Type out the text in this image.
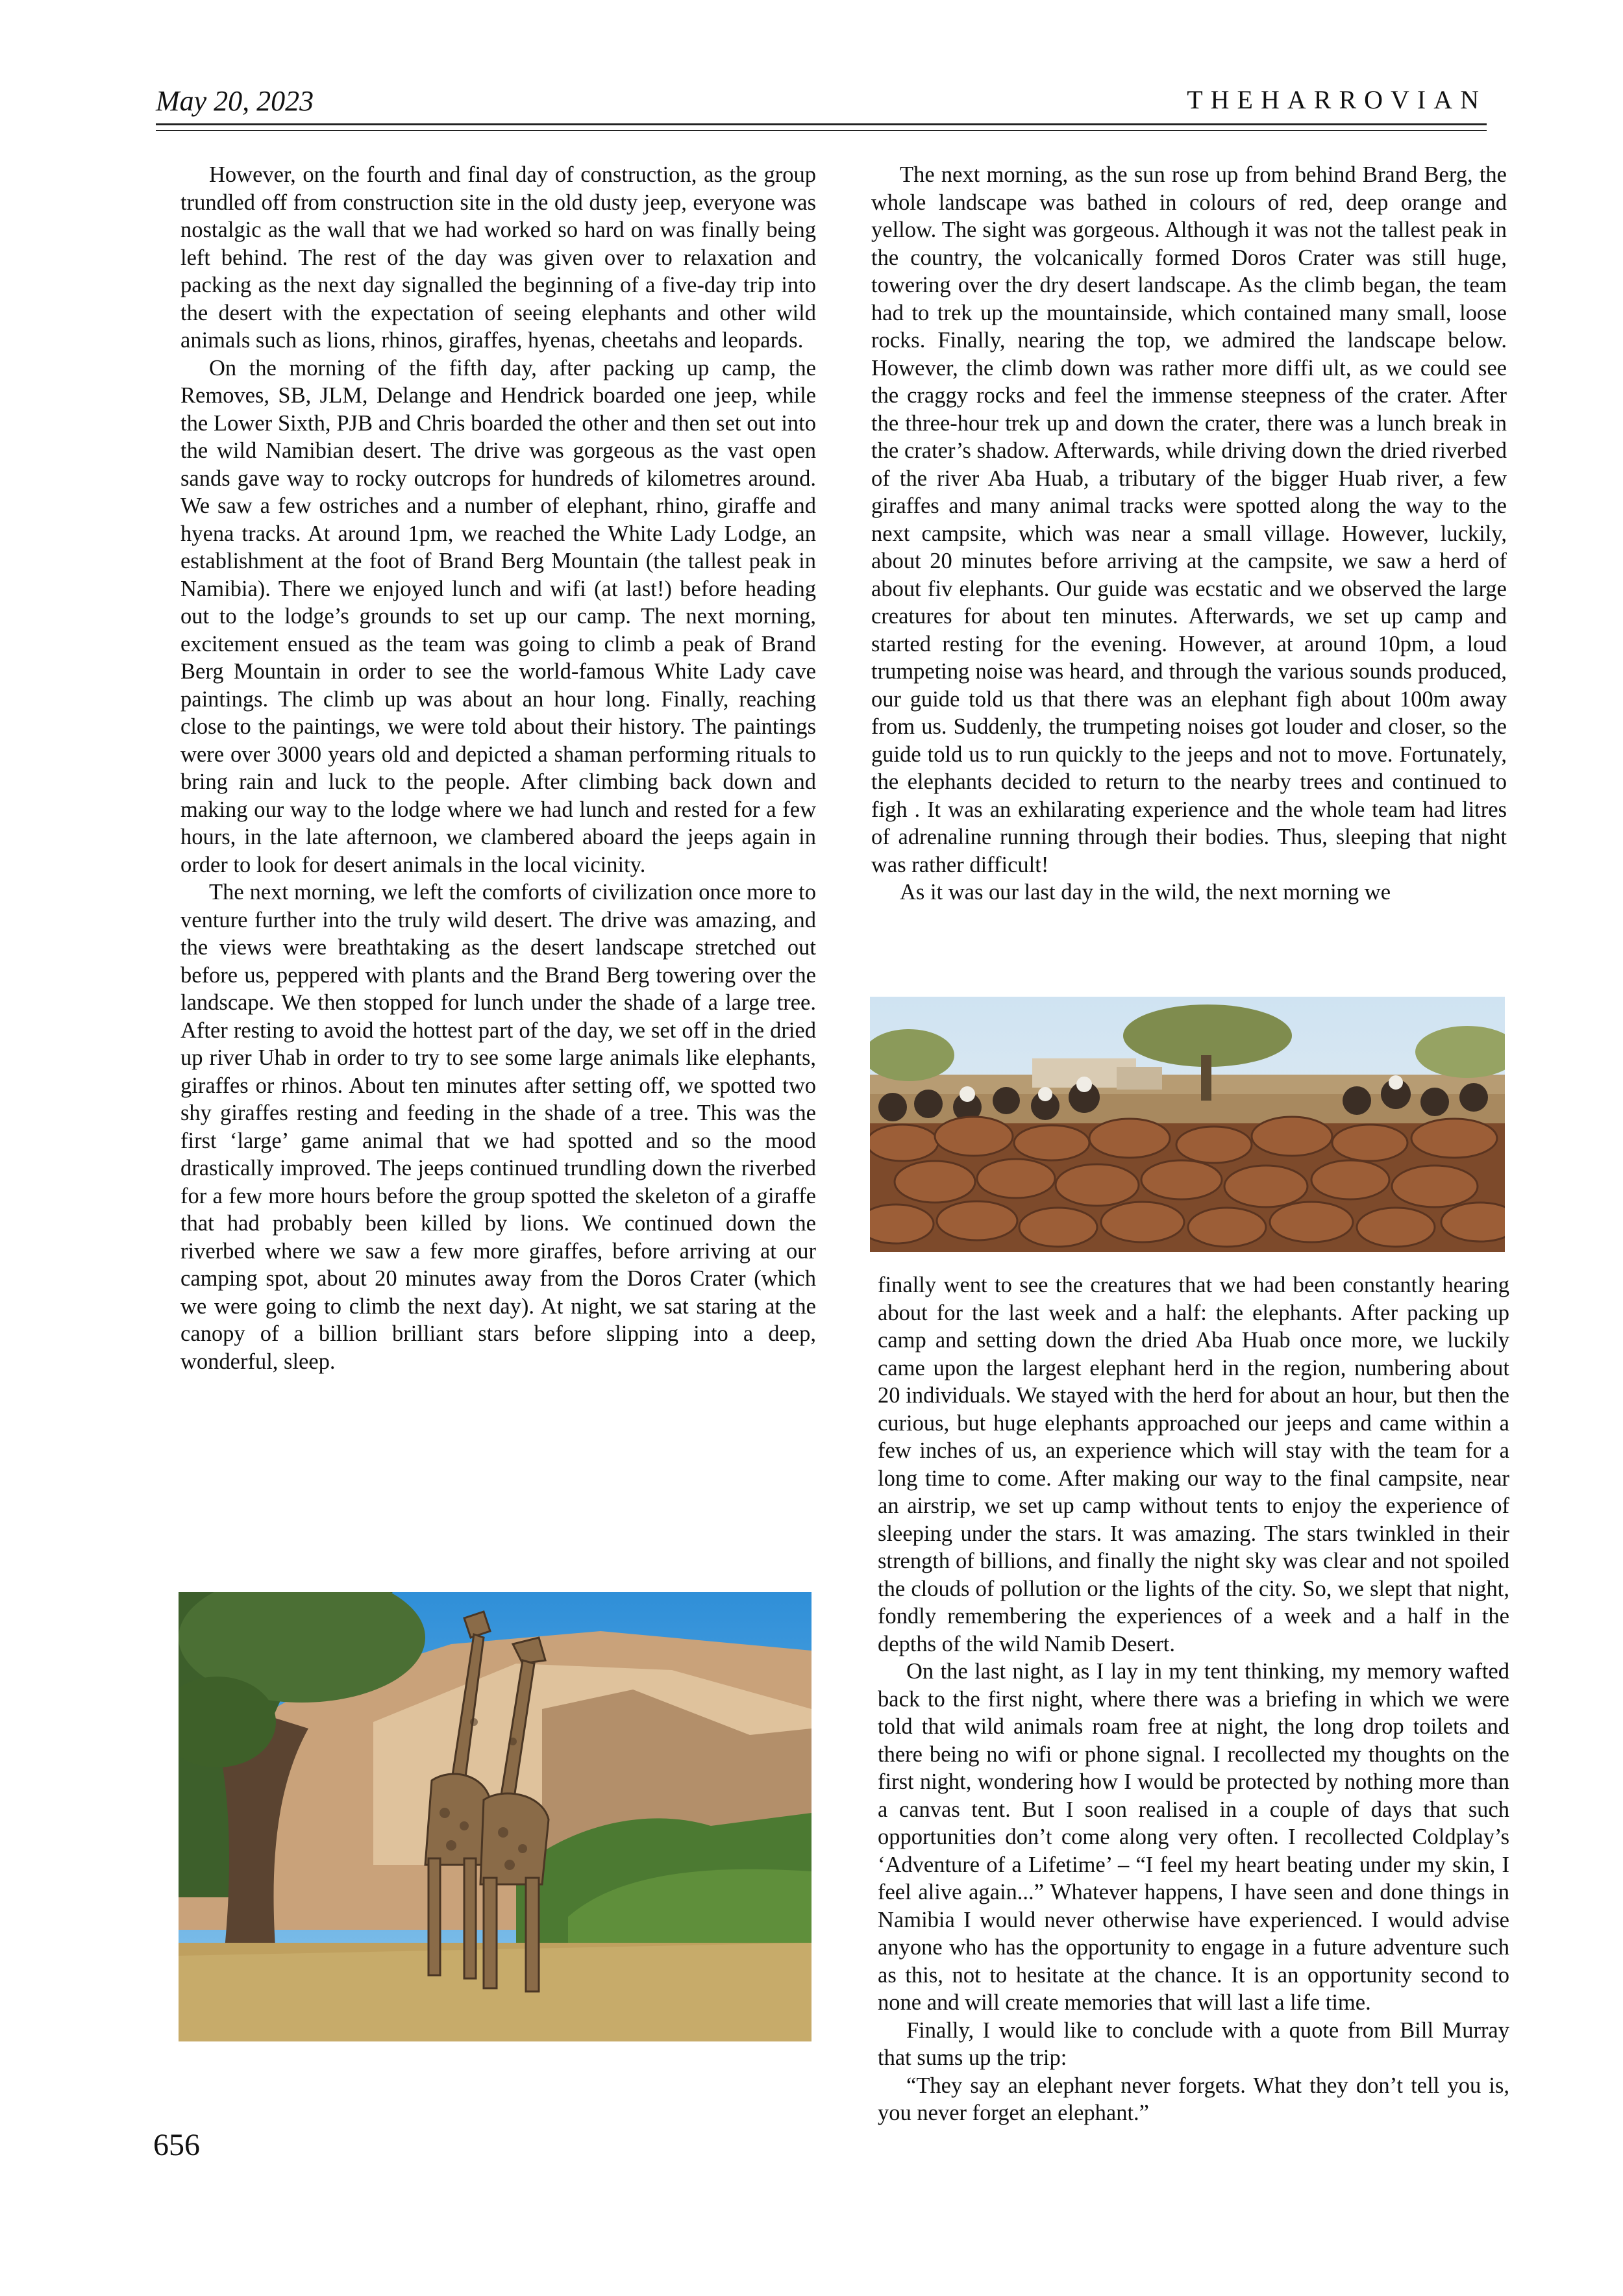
May 20, 2023	THEHARROVIAN

However, on the fourth and final day of construction, as the group trundled off from construction site in the old dusty jeep, everyone was nostalgic as the wall that we had worked so hard on was finally being left behind. The rest of the day was given over to relaxation and packing as the next day signalled the beginning of a five-day trip into the desert with the expectation of seeing elephants and other wild animals such as lions, rhinos, giraffes, hyenas, cheetahs and leopards.

On the morning of the fifth day, after packing up camp, the Removes, SB, JLM, Delange and Hendrick boarded one jeep, while the Lower Sixth, PJB and Chris boarded the other and then set out into the wild Namibian desert. The drive was gorgeous as the vast open sands gave way to rocky outcrops for hundreds of kilometres around. We saw a few ostriches and a number of elephant, rhino, giraffe and hyena tracks. At around 1pm, we reached the White Lady Lodge, an establishment at the foot of Brand Berg Mountain (the tallest peak in Namibia). There we enjoyed lunch and wifi (at last!) before heading out to the lodge’s grounds to set up our camp. The next morning, excitement ensued as the team was going to climb a peak of Brand Berg Mountain in order to see the world-famous White Lady cave paintings. The climb up was about an hour long. Finally, reaching close to the paintings, we were told about their history. The paintings were over 3000 years old and depicted a shaman performing rituals to bring rain and luck to the people. After climbing back down and making our way to the lodge where we had lunch and rested for a few hours, in the late afternoon, we clambered aboard the jeeps again in order to look for desert animals in the local vicinity.

The next morning, we left the comforts of civilization once more to venture further into the truly wild desert. The drive was amazing, and the views were breathtaking as the desert landscape stretched out before us, peppered with plants and the Brand Berg towering over the landscape. We then stopped for lunch under the shade of a large tree. After resting to avoid the hottest part of the day, we set off in the dried up river Uhab in order to try to see some large animals like elephants, giraffes or rhinos. About ten minutes after setting off, we spotted two shy giraffes resting and feeding in the shade of a tree. This was the first ‘large’ game animal that we had spotted and so the mood drastically improved. The jeeps continued trundling down the riverbed for a few more hours before the group spotted the skeleton of a giraffe that had probably been killed by lions. We continued down the riverbed where we saw a few more giraffes, before arriving at our camping spot, about 20 minutes away from the Doros Crater (which we were going to climb the next day). At night, we sat staring at the canopy of a billion brilliant stars before slipping into a deep, wonderful, sleep.

The next morning, as the sun rose up from behind Brand Berg, the whole landscape was bathed in colours of red, deep orange and yellow. The sight was gorgeous. Although it was not the tallest peak in the country, the volcanically formed Doros Crater was still huge, towering over the dry desert landscape. As the climb began, the team had to trek up the mountainside, which contained many small, loose rocks. Finally, nearing the top, we admired the landscape below. However, the climb down was rather more diffi ult, as we could see the craggy rocks and feel the immense steepness of the crater. After the three-hour trek up and down the crater, there was a lunch break in the crater’s shadow. Afterwards, while driving down the dried riverbed of the river Aba Huab, a tributary of the bigger Huab river, a few giraffes and many animal tracks were spotted along the way to the next campsite, which was near a small village. However, luckily, about 20 minutes before arriving at the campsite, we saw a herd of about fiv elephants. Our guide was ecstatic and we observed the large creatures for about ten minutes. Afterwards, we set up camp and started resting for the evening. However, at around 10pm, a loud trumpeting noise was heard, and through the various sounds produced, our guide told us that there was an elephant figh about 100m away from us. Suddenly, the trumpeting noises got louder and closer, so the guide told us to run quickly to the jeeps and not to move. Fortunately, the elephants decided to return to the nearby trees and continued to figh . It was an exhilarating experience and the whole team had litres of adrenaline running through their bodies. Thus, sleeping that night was rather difficult!

As it was our last day in the wild, the next morning we

finally went to see the creatures that we had been constantly hearing about for the last week and a half: the elephants. After packing up camp and setting down the dried Aba Huab once more, we luckily came upon the largest elephant herd in the region, numbering about 20 individuals. We stayed with the herd for about an hour, but then the curious, but huge elephants approached our jeeps and came within a few inches of us, an experience which will stay with the team for a long time to come. After making our way to the final campsite, near an airstrip, we set up camp without tents to enjoy the experience of sleeping under the stars. It was amazing. The stars twinkled in their strength of billions, and finally the night sky was clear and not spoiled the clouds of pollution or the lights of the city. So, we slept that night, fondly remembering the experiences of a week and a half in the depths of the wild Namib Desert.

On the last night, as I lay in my tent thinking, my memory wafted back to the first night, where there was a briefing in which we were told that wild animals roam free at night, the long drop toilets and there being no wifi or phone signal. I recollected my thoughts on the first night, wondering how I would be protected by nothing more than a canvas tent. But I soon realised in a couple of days that such opportunities don’t come along very often. I recollected Coldplay’s ‘Adventure of a Lifetime’ – “I feel my heart beating under my skin, I feel alive again...” Whatever happens, I have seen and done things in Namibia I would never otherwise have experienced. I would advise anyone who has the opportunity to engage in a future adventure such as this, not to hesitate at the chance. It is an opportunity second to none and will create memories that will last a life time.

Finally, I would like to conclude with a quote from Bill Murray that sums up the trip:

“They say an elephant never forgets. What they don’t tell you is, you never forget an elephant.”

656
